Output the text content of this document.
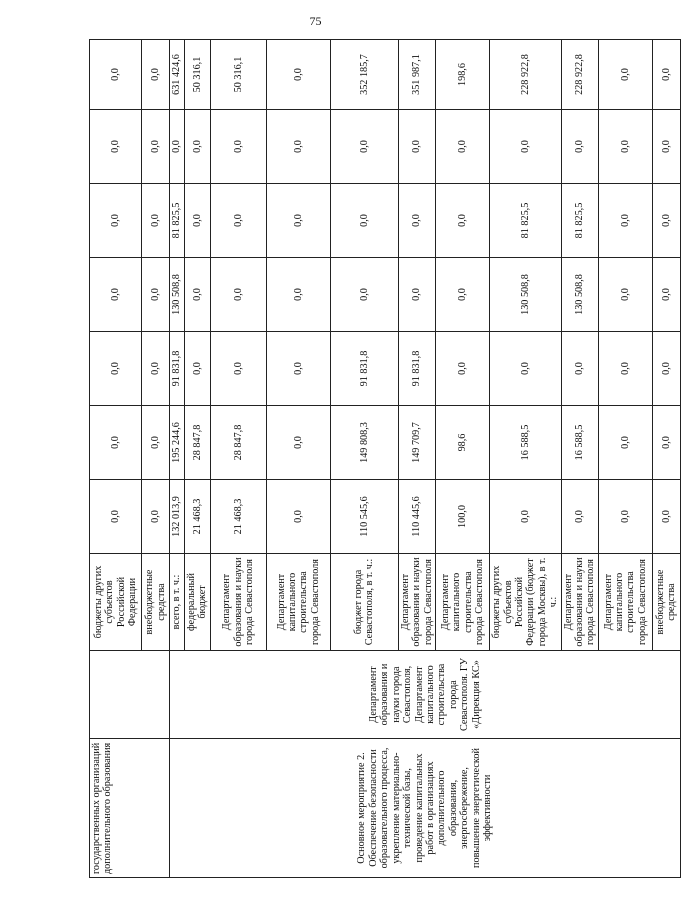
75
государственных организаций дополнительного образования		бюджеты других субъектов Российской Федерации	0,0	0,0	0,0	0,0	0,0	0,0	0,0
		внебюджетные средства	0,0	0,0	0,0	0,0	0,0	0,0	0,0
Основное мероприятие 2. Обеспечение безопасности образовательного процесса, укрепление материально-технической базы, проведение капитальных работ в организациях дополнительного образования, энергосбережение, повышение энергетической эффективности	Департамент образования и науки города Севастополя, Департамент капитального строительства города Севастополя. ГУ «Дирекция КС»	всего, в т. ч.:	132 013,9	195 244,6	91 831,8	130 508,8	81 825,5	0,0	631 424,6
		федеральный бюджет	21 468,3	28 847,8	0,0	0,0	0,0	0,0	50 316,1
		Департамент образования и науки города Севастополя	21 468,3	28 847,8	0,0	0,0	0,0	0,0	50 316,1
		Департамент капитального строительства города Севастополя	0,0	0,0	0,0	0,0	0,0	0,0	0,0
		бюджет города Севастополя, в т. ч.:	110 545,6	149 808,3	91 831,8	0,0	0,0	0,0	352 185,7
		Департамент образования и науки города Севастополя	110 445,6	149 709,7	91 831,8	0,0	0,0	0,0	351 987,1
		Департамент капитального строительства города Севастополя	100,0	98,6	0,0	0,0	0,0	0,0	198,6
		бюджеты других субъектов Российской Федерации (бюджет города Москвы), в т. ч.:	0,0	16 588,5	0,0	130 508,8	81 825,5	0,0	228 922,8
		Департамент образования и науки города Севастополя	0,0	16 588,5	0,0	130 508,8	81 825,5	0,0	228 922,8
		Департамент капитального строительства города Севастополя	0,0	0,0	0,0	0,0	0,0	0,0	0,0
		внебюджетные средства	0,0	0,0	0,0	0,0	0,0	0,0	0,0
